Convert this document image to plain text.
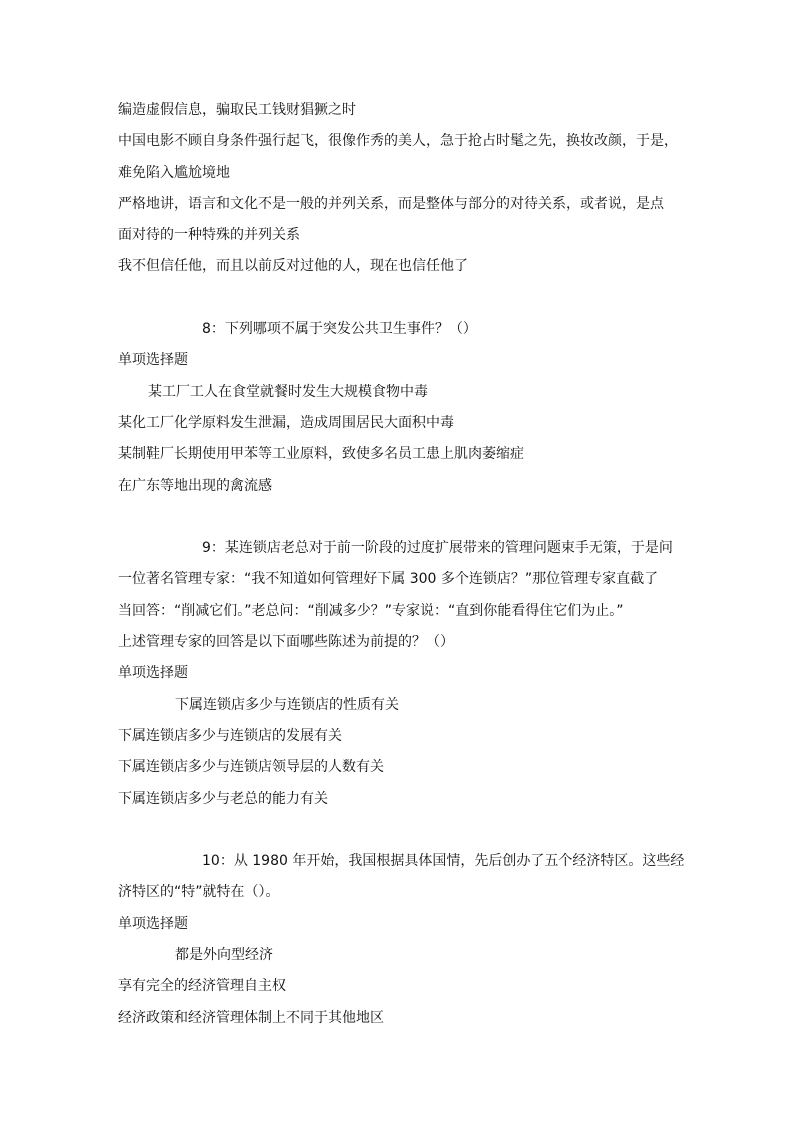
编造虚假信息，骗取民工钱财猖獗之时
中国电影不顾自身条件强行起飞，很像作秀的美人，急于抢占时髦之先，换妆改颜，于是，
难免陷入尴尬境地
严格地讲，语言和文化不是一般的并列关系，而是整体与部分的对待关系，或者说，是点
面对待的一种特殊的并列关系
我不但信任他，而且以前反对过他的人，现在也信任他了
8：下列哪项不属于突发公共卫生事件？（）
单项选择题
某工厂工人在食堂就餐时发生大规模食物中毒
某化工厂化学原料发生泄漏，造成周围居民大面积中毒
某制鞋厂长期使用甲苯等工业原料，致使多名员工患上肌肉萎缩症
在广东等地出现的禽流感
9：某连锁店老总对于前一阶段的过度扩展带来的管理问题束手无策，于是问
一位著名管理专家：“我不知道如何管理好下属 300 多个连锁店？”那位管理专家直截了
当回答：“削减它们。”老总问：“削减多少？”专家说：“直到你能看得住它们为止。”
上述管理专家的回答是以下面哪些陈述为前提的？（）
单项选择题
下属连锁店多少与连锁店的性质有关
下属连锁店多少与连锁店的发展有关
下属连锁店多少与连锁店领导层的人数有关
下属连锁店多少与老总的能力有关
10：从 1980 年开始，我国根据具体国情，先后创办了五个经济特区。这些经
济特区的“特”就特在（）。
单项选择题
都是外向型经济
享有完全的经济管理自主权
经济政策和经济管理体制上不同于其他地区
